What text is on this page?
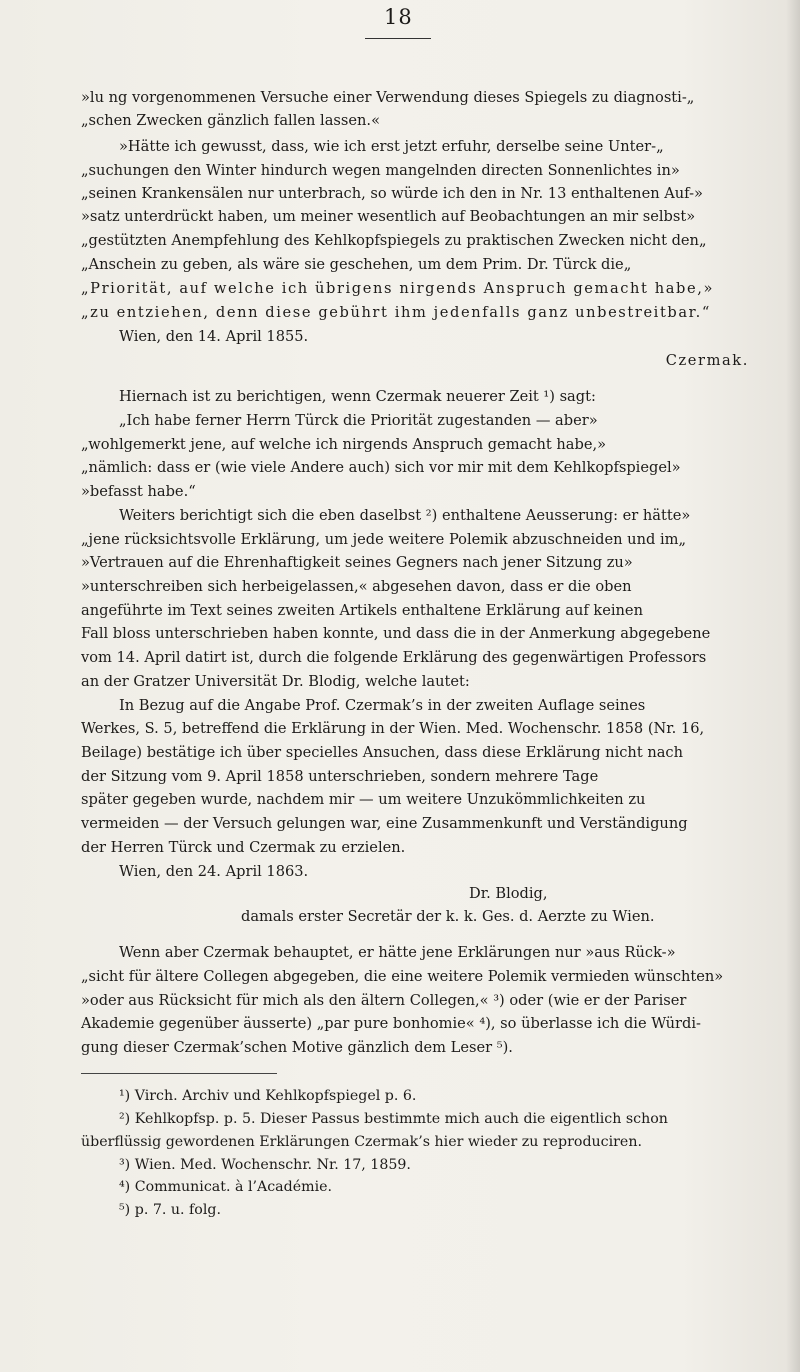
18
»lu ng vorgenommenen Versuche einer Verwendung dieses Spiegels zu diagnosti-„
„schen Zwecken gänzlich fallen lassen.«
»Hätte ich gewusst, dass, wie ich erst jetzt erfuhr, derselbe seine Unter-„
„suchungen den Winter hindurch wegen mangelnden directen Sonnenlichtes in»
„seinen Krankensälen nur unterbrach, so würde ich den in Nr. 13 enthaltenen Auf-»
»satz unterdrückt haben, um meiner wesentlich auf Beobachtungen an mir selbst»
„gestützten Anempfehlung des Kehlkopfspiegels zu praktischen Zwecken nicht den„
„Anschein zu geben, als wäre sie geschehen, um dem Prim. Dr. Türck die„
„Priorität, auf welche ich übrigens nirgends Anspruch gemacht habe,»
„zu entziehen, denn diese gebührt ihm jedenfalls ganz unbestreitbar.“
Wien, den 14. April 1855.
Czermak.
Hiernach ist zu berichtigen, wenn Czermak neuerer Zeit ¹) sagt:
„Ich habe ferner Herrn Türck die Priorität zugestanden — aber»
„wohlgemerkt jene, auf welche ich nirgends Anspruch gemacht habe,»
„nämlich: dass er (wie viele Andere auch) sich vor mir mit dem Kehlkopfspiegel»
»befasst habe.“
Weiters berichtigt sich die eben daselbst ²) enthaltene Aeusserung: er hätte»
„jene rücksichtsvolle Erklärung, um jede weitere Polemik abzuschneiden und im„
»Vertrauen auf die Ehrenhaftigkeit seines Gegners nach jener Sitzung zu»
»unterschreiben sich herbeigelassen,« abgesehen davon, dass er die oben
angeführte im Text seines zweiten Artikels enthaltene Erklärung auf keinen
Fall bloss unterschrieben haben konnte, und dass die in der Anmerkung abgegebene
vom 14. April datirt ist, durch die folgende Erklärung des gegenwärtigen Professors
an der Gratzer Universität Dr. Blodig, welche lautet:
In Bezug auf die Angabe Prof. Czermak’s in der zweiten Auflage seines
Werkes, S. 5, betreffend die Erklärung in der Wien. Med. Wochenschr. 1858 (Nr. 16,
Beilage) bestätige ich über specielles Ansuchen, dass diese Erklärung nicht nach
der Sitzung vom 9. April 1858 unterschrieben, sondern mehrere Tage
später gegeben wurde, nachdem mir — um weitere Unzukömmlichkeiten zu
vermeiden — der Versuch gelungen war, eine Zusammenkunft und Verständigung
der Herren Türck und Czermak zu erzielen.
Wien, den 24. April 1863.
Dr. Blodig,
damals erster Secretär der k. k. Ges. d. Aerzte zu Wien.
Wenn aber Czermak behauptet, er hätte jene Erklärungen nur »aus Rück-»
„sicht für ältere Collegen abgegeben, die eine weitere Polemik vermieden wünschten»
»oder aus Rücksicht für mich als den ältern Collegen,« ³) oder (wie er der Pariser
Akademie gegenüber äusserte) „par pure bonhomie« ⁴), so überlasse ich die Würdi-
gung dieser Czermak’schen Motive gänzlich dem Leser ⁵).
¹) Virch. Archiv und Kehlkopfspiegel p. 6.
²) Kehlkopfsp. p. 5. Dieser Passus bestimmte mich auch die eigentlich schon
überflüssig gewordenen Erklärungen Czermak’s hier wieder zu reproduciren.
³) Wien. Med. Wochenschr. Nr. 17, 1859.
⁴) Communicat. à l’Académie.
⁵) p. 7. u. folg.
